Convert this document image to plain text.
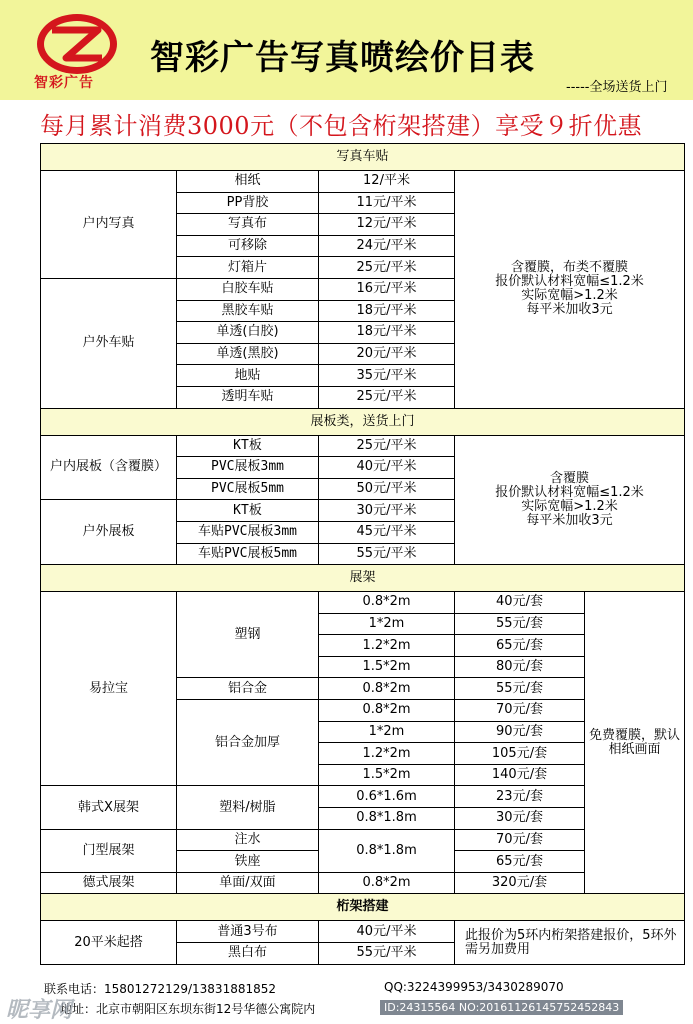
智彩广告
智彩广告写真喷绘价目表
-----全场送货上门
每月累计消费3000元（不包含桁架搭建）享受９折优惠
写真车贴				
户内写真	相纸	12/平米	含覆膜，布类不覆膜
报价默认材料宽幅≤1.2米
实际宽幅>1.2米
每平米加收3元	

	PP背胶	11元/平米		
	写真布	12元/平米		
	可移除	24元/平米		
	灯箱片	25元/平米		
户外车贴	白胶车贴	16元/平米		
	黑胶车贴	18元/平米		
	单透(白胶)	18元/平米		
	单透(黑胶)	20元/平米		
	地贴	35元/平米		
	透明车贴	25元/平米		
展板类，送货上门				
户内展板（含覆膜）	KT板	25元/平米	含覆膜
报价默认材料宽幅≤1.2米
实际宽幅>1.2米
每平米加收3元	

	PVC展板3mm	40元/平米		
	PVC展板5mm	50元/平米		
户外展板	KT板	30元/平米		
	车贴PVC展板3mm	45元/平米		
	车贴PVC展板5mm	55元/平米		
展架				
易拉宝	塑钢	0.8*2m	40元/套	免费覆膜，默认相纸画面
		1*2m	55元/套	
		1.2*2m	65元/套	
		1.5*2m	80元/套	
	铝合金	0.8*2m	55元/套	
	铝合金加厚	0.8*2m	70元/套	
		1*2m	90元/套	
		1.2*2m	105元/套	
		1.5*2m	140元/套	
韩式X展架	塑料/树脂	0.6*1.6m	23元/套	
		0.8*1.8m	30元/套	
门型展架	注水	0.8*1.8m	70元/套	
	铁座		65元/套	
德式展架	单面/双面	0.8*2m	320元/套	
桁架搭建				
20平米起搭	普通3号布	40元/平米	此报价为5环内桁架搭建报价，5环外需另加费用	
	黑白布	55元/平米		
联系电话：15801272129/13831881852	QQ:3224399953/3430289070
地址：北京市朝阳区东坝东街12号华德公寓院内
昵享网	ID:24315564 NO:20161126145752452843
